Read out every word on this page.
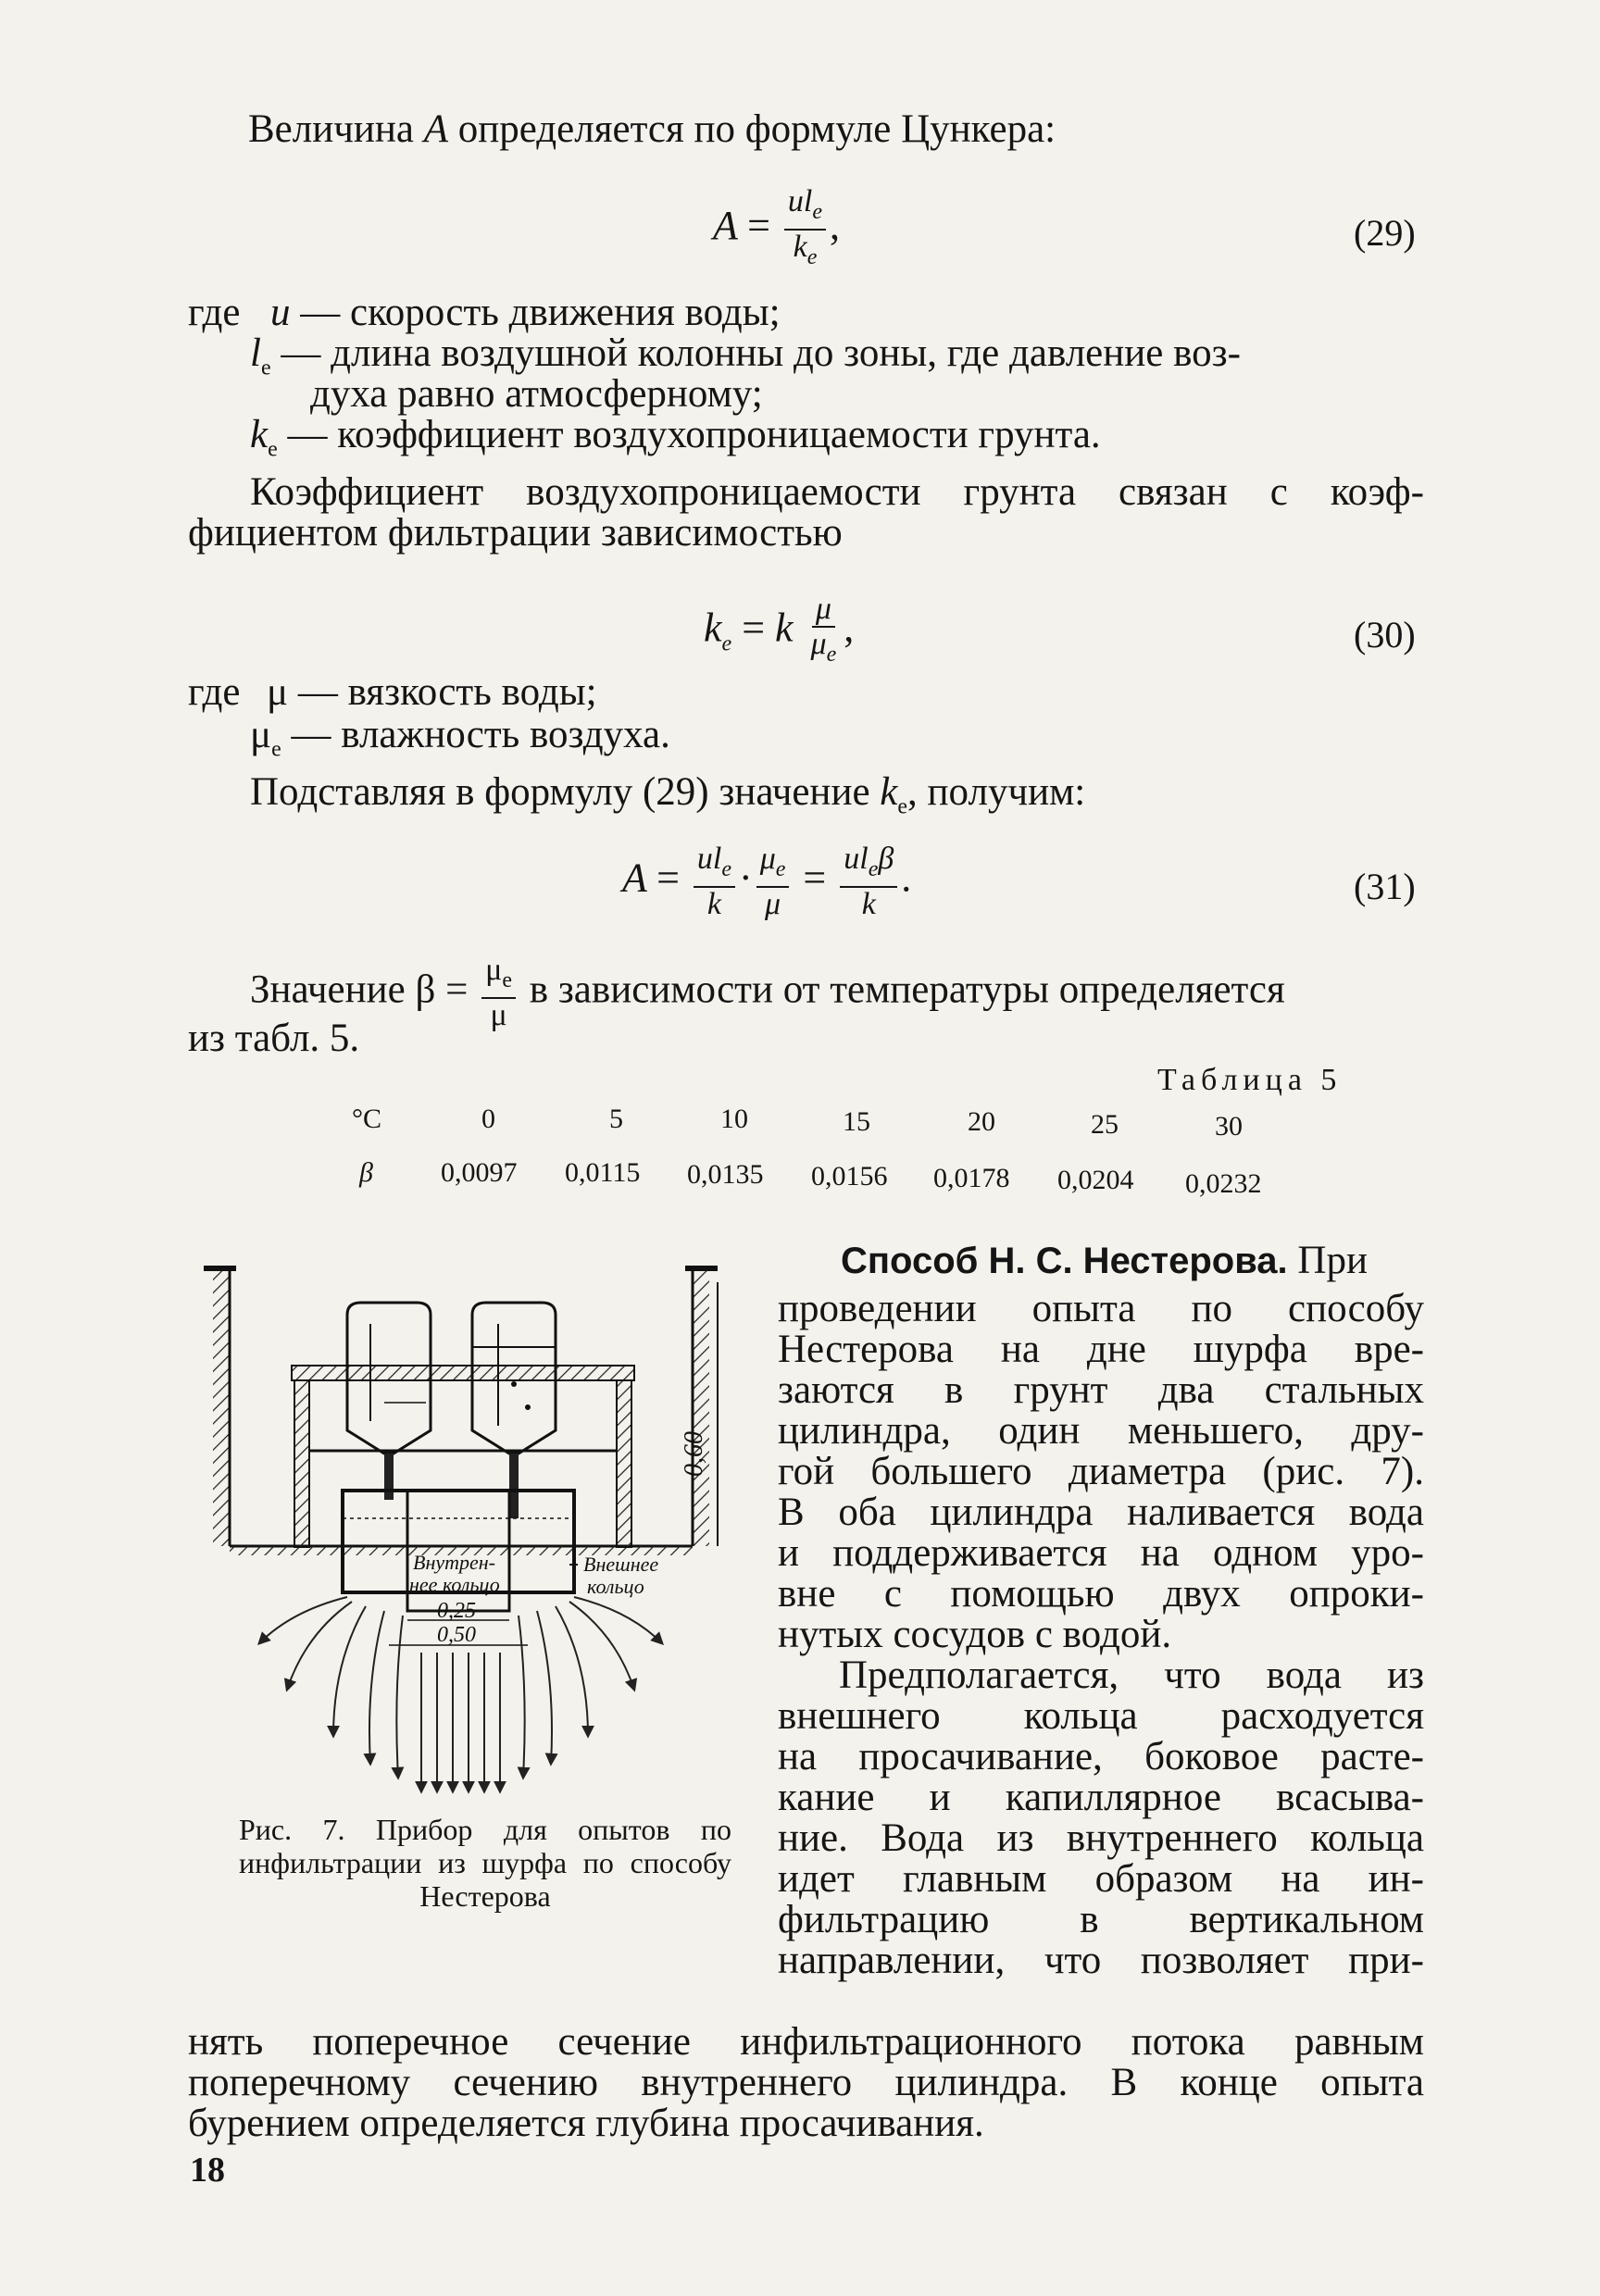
Величина A определяется по формуле Цункера:
$A = \frac{ul_e}{k_e}$ ,	(29)
где u — скорость движения воды;
$l_e$ — длина воздушной колонны до зоны, где давление воз-
духа равно атмосферному;
$k_e$ — коэффициент воздухопроницаемости грунта.
Коэффициент воздухопроницаемости грунта связан с коэф-
фициентом фильтрации зависимостью
$k_e = k \frac{\mu}{\mu_e}$ ,	(30)
где μ — вязкость воды;
$\mu_e$ — влажность воздуха.
Подставляя в формулу (29) значение $k_e$, получим:
$A = \frac{ul_e}{k} \cdot \frac{\mu_e}{\mu} = \frac{ul_e\beta}{k}$ .	(31)
Значение $\beta = \frac{\mu_e}{\mu}$ в зависимости от температуры определяется
из табл. 5.
Таблица 5
°С	0	5	10	15	20	25	30
β 0,0097 0,0115 0,0135 0,0156 0,0178 0,0204 0,0232
0,60
Внутрен-
нее кольцо
Внешнее
кольцо
0,25
0,50
Рис. 7. Прибор для опытов по инфильтрации из шурфа по способу Нестерова
Способ Н. С. Нестерова. При
проведении опыта по способу
Нестерова на дне шурфа вре-
заются в грунт два стальных
цилиндра, один меньшего, дру-
гой большего диаметра (рис. 7).
В оба цилиндра наливается вода
и поддерживается на одном уро-
вне с помощью двух опроки-
нутых сосудов с водой.
Предполагается, что вода из
внешнего кольца расходуется
на просачивание, боковое расте-
кание и капиллярное всасыва-
ние. Вода из внутреннего кольца
идет главным образом на ин-
фильтрацию в вертикальном
направлении, что позволяет при-
нять поперечное сечение инфильтрационного потока равным
поперечному сечению внутреннего цилиндра. В конце опыта
бурением определяется глубина просачивания.
18
